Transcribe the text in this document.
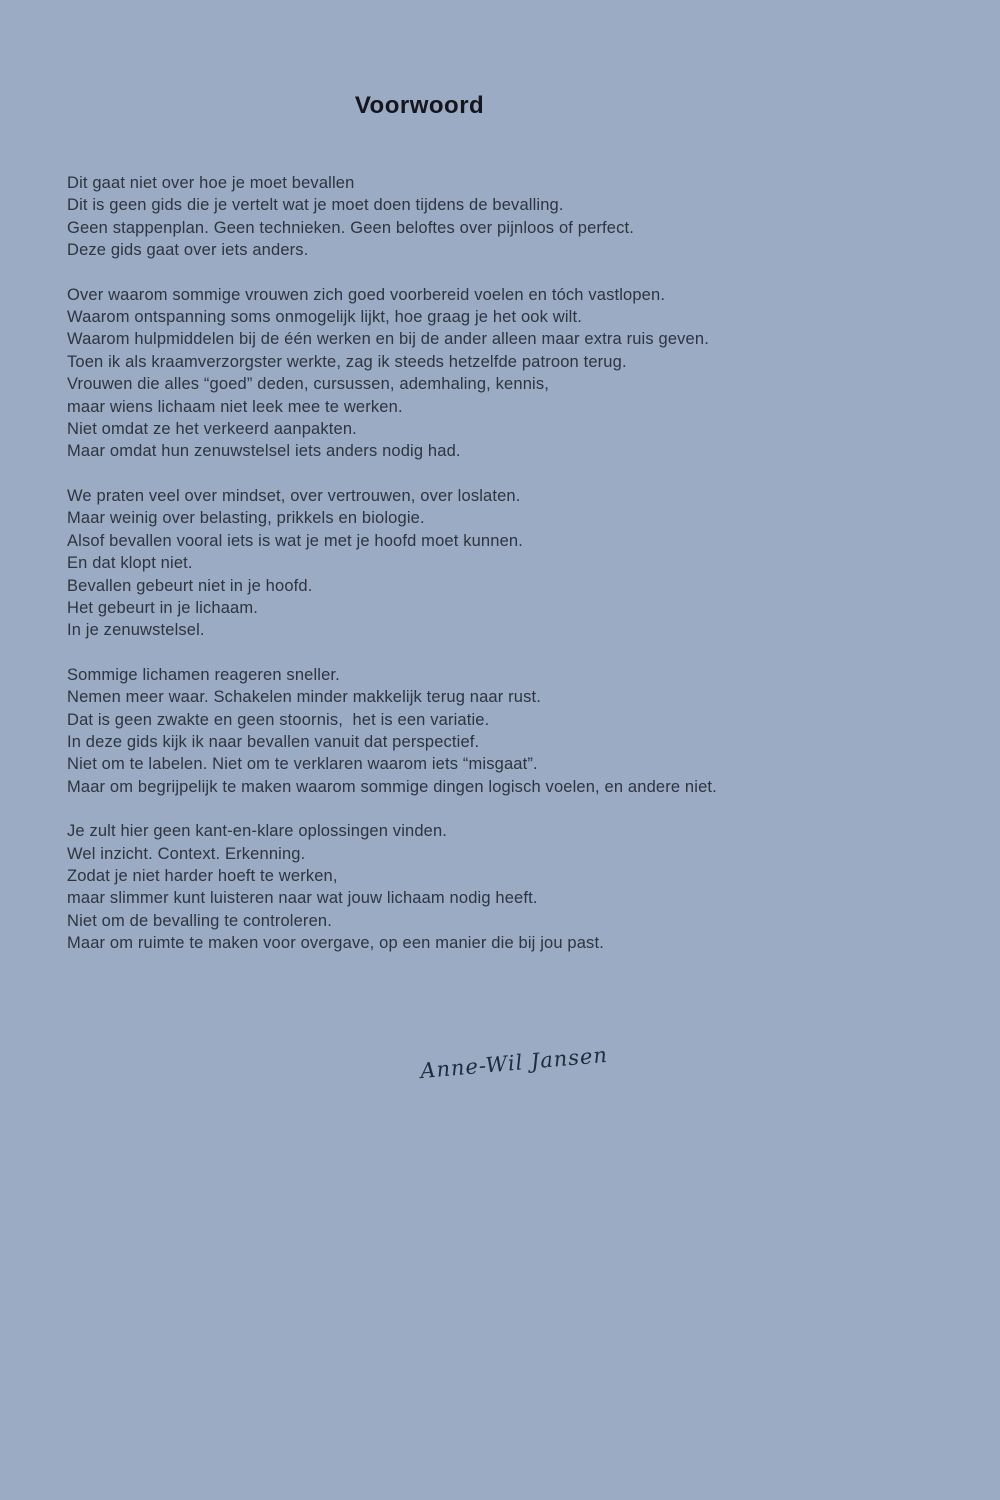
Voorwoord
Dit gaat niet over hoe je moet bevallen
Dit is geen gids die je vertelt wat je moet doen tijdens de bevalling.
Geen stappenplan. Geen technieken. Geen beloftes over pijnloos of perfect.
Deze gids gaat over iets anders.
Over waarom sommige vrouwen zich goed voorbereid voelen en tóch vastlopen.
Waarom ontspanning soms onmogelijk lijkt, hoe graag je het ook wilt.
Waarom hulpmiddelen bij de één werken en bij de ander alleen maar extra ruis geven.
Toen ik als kraamverzorgster werkte, zag ik steeds hetzelfde patroon terug.
Vrouwen die alles “goed” deden, cursussen, ademhaling, kennis,
maar wiens lichaam niet leek mee te werken.
Niet omdat ze het verkeerd aanpakten.
Maar omdat hun zenuwstelsel iets anders nodig had.
We praten veel over mindset, over vertrouwen, over loslaten.
Maar weinig over belasting, prikkels en biologie.
Alsof bevallen vooral iets is wat je met je hoofd moet kunnen.
En dat klopt niet.
Bevallen gebeurt niet in je hoofd.
Het gebeurt in je lichaam.
In je zenuwstelsel.
Sommige lichamen reageren sneller.
Nemen meer waar. Schakelen minder makkelijk terug naar rust.
Dat is geen zwakte en geen stoornis,  het is een variatie.
In deze gids kijk ik naar bevallen vanuit dat perspectief.
Niet om te labelen. Niet om te verklaren waarom iets “misgaat”.
Maar om begrijpelijk te maken waarom sommige dingen logisch voelen, en andere niet.
Je zult hier geen kant-en-klare oplossingen vinden.
Wel inzicht. Context. Erkenning.
Zodat je niet harder hoeft te werken,
maar slimmer kunt luisteren naar wat jouw lichaam nodig heeft.
Niet om de bevalling te controleren.
Maar om ruimte te maken voor overgave, op een manier die bij jou past.
Anne-Wil Jansen
